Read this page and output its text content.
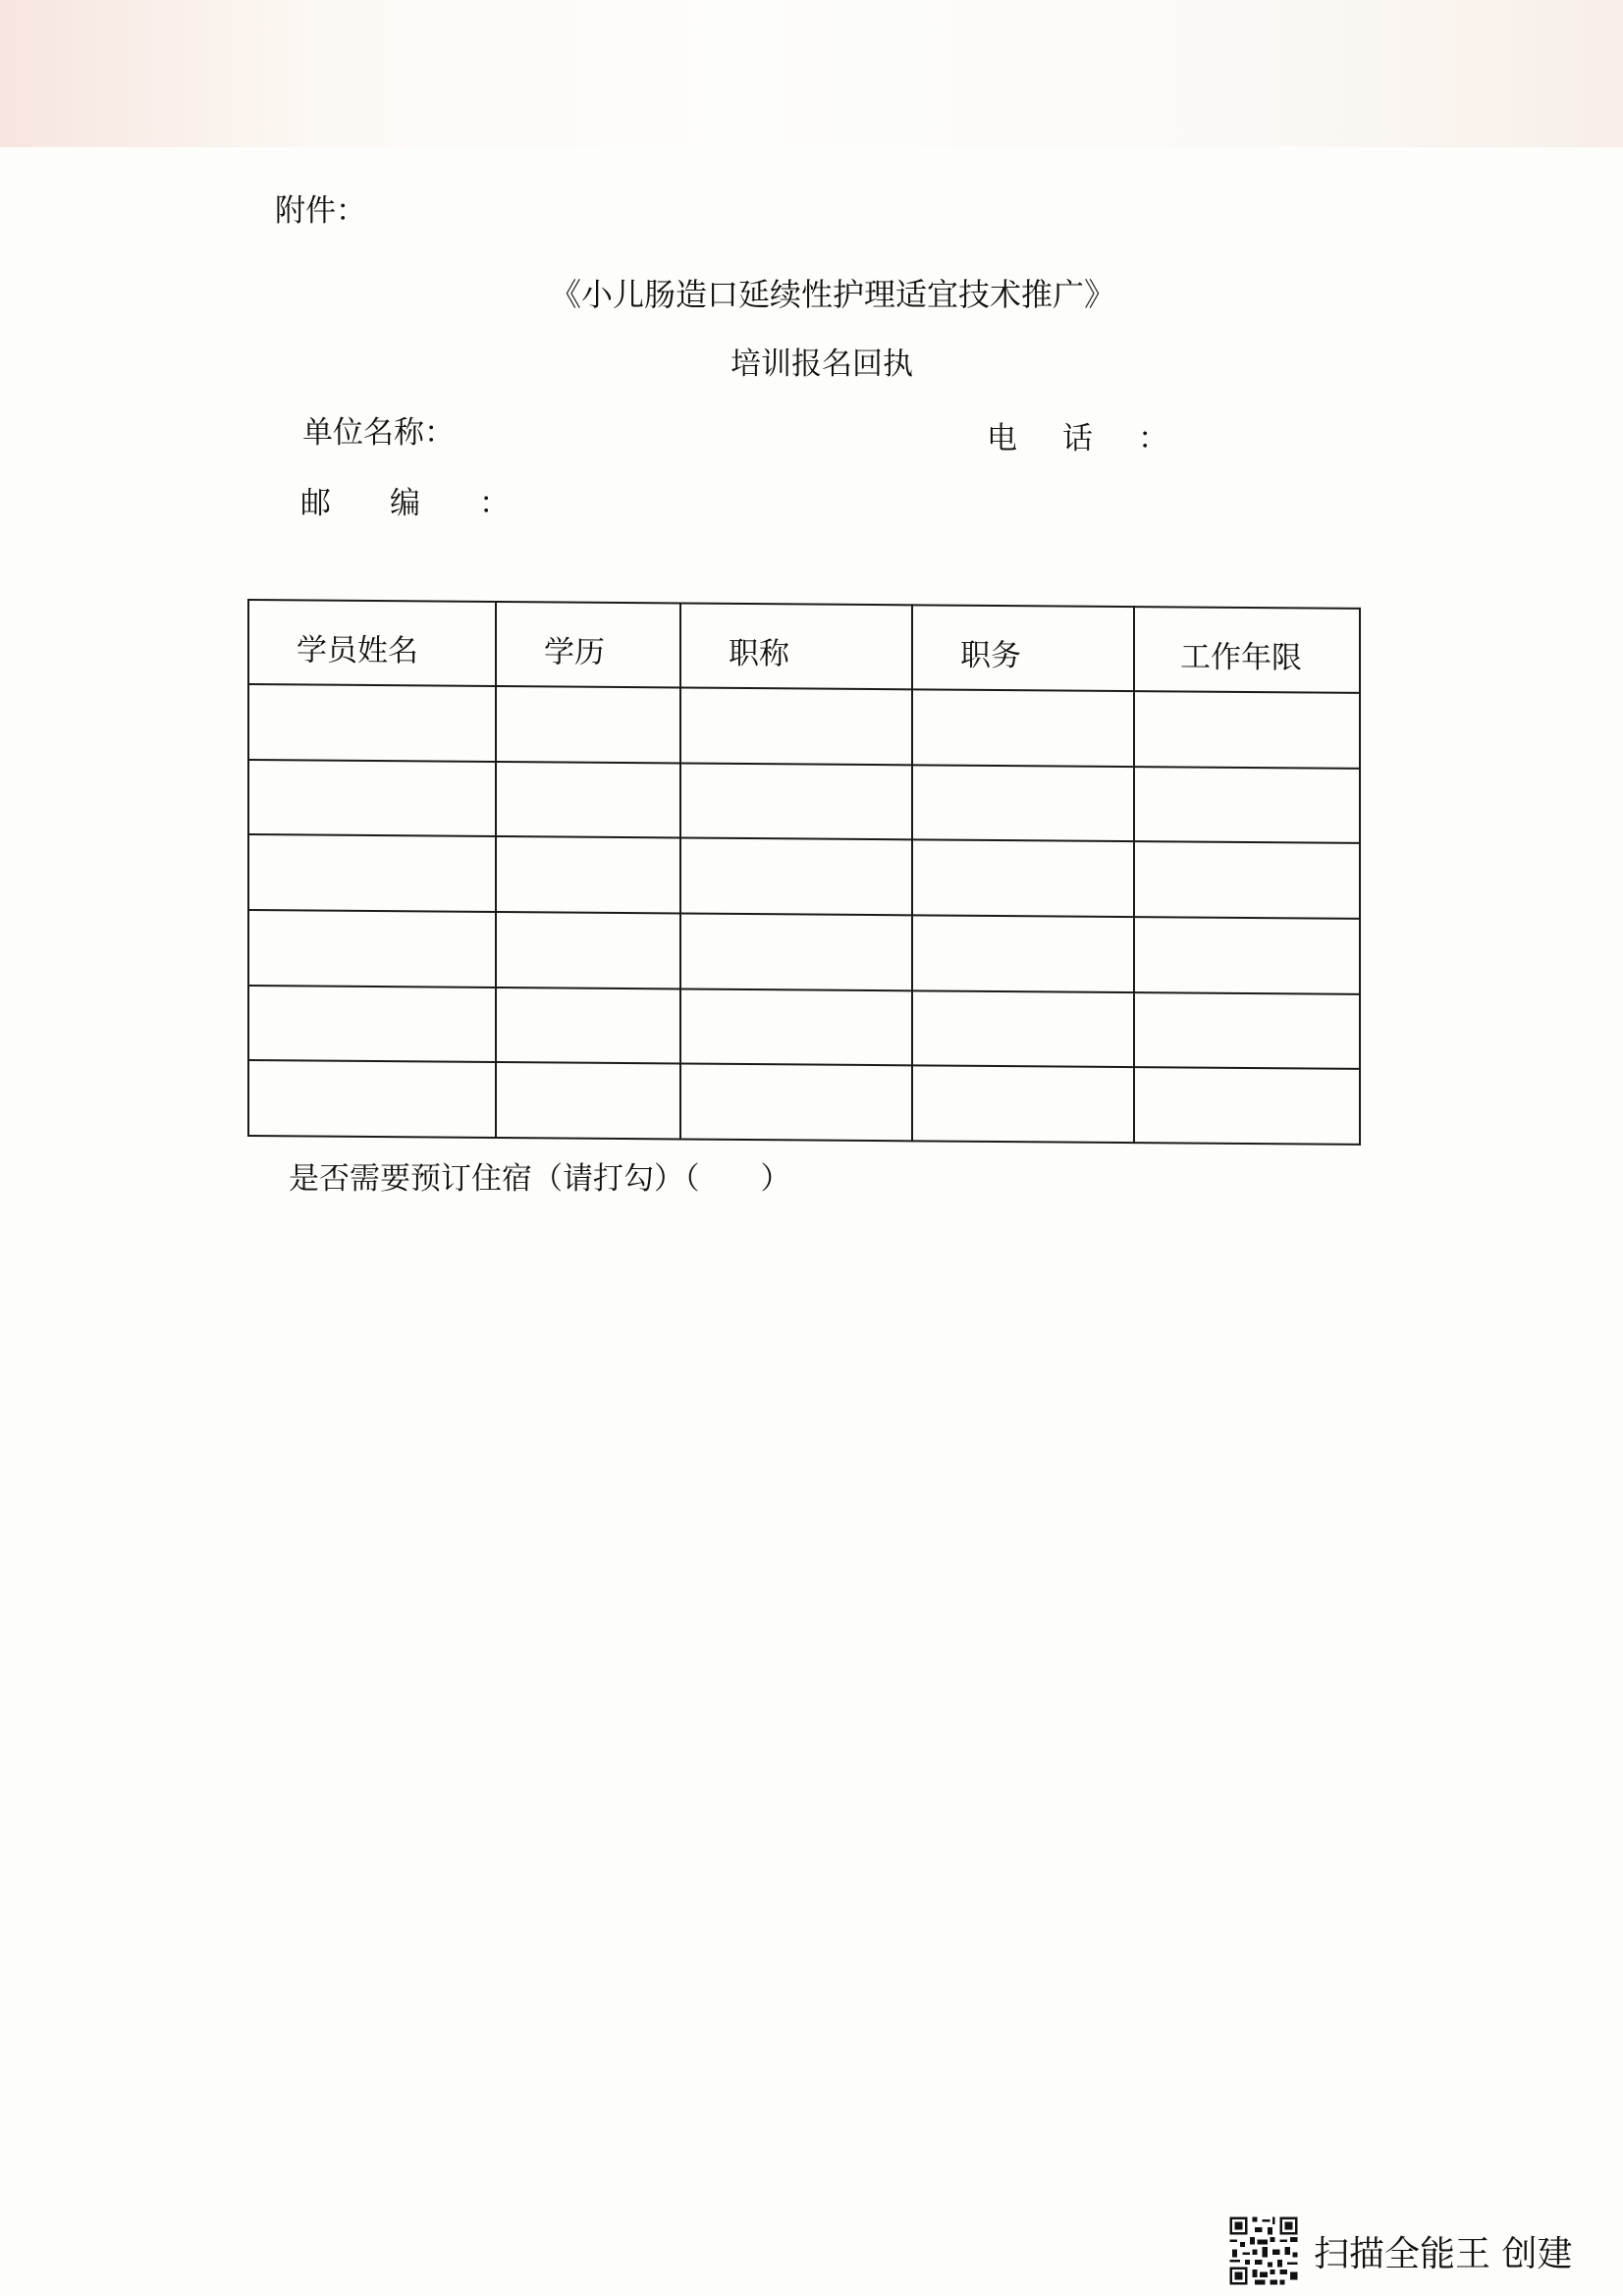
附件：
《小儿肠造口延续性护理适宜技术推广》
培训报名回执
单位名称：	电话：
邮编：
学员姓名	学历	职称	职务	工作年限

是否需要预订住宿（请打勾）（　　）
扫描全能王 创建
